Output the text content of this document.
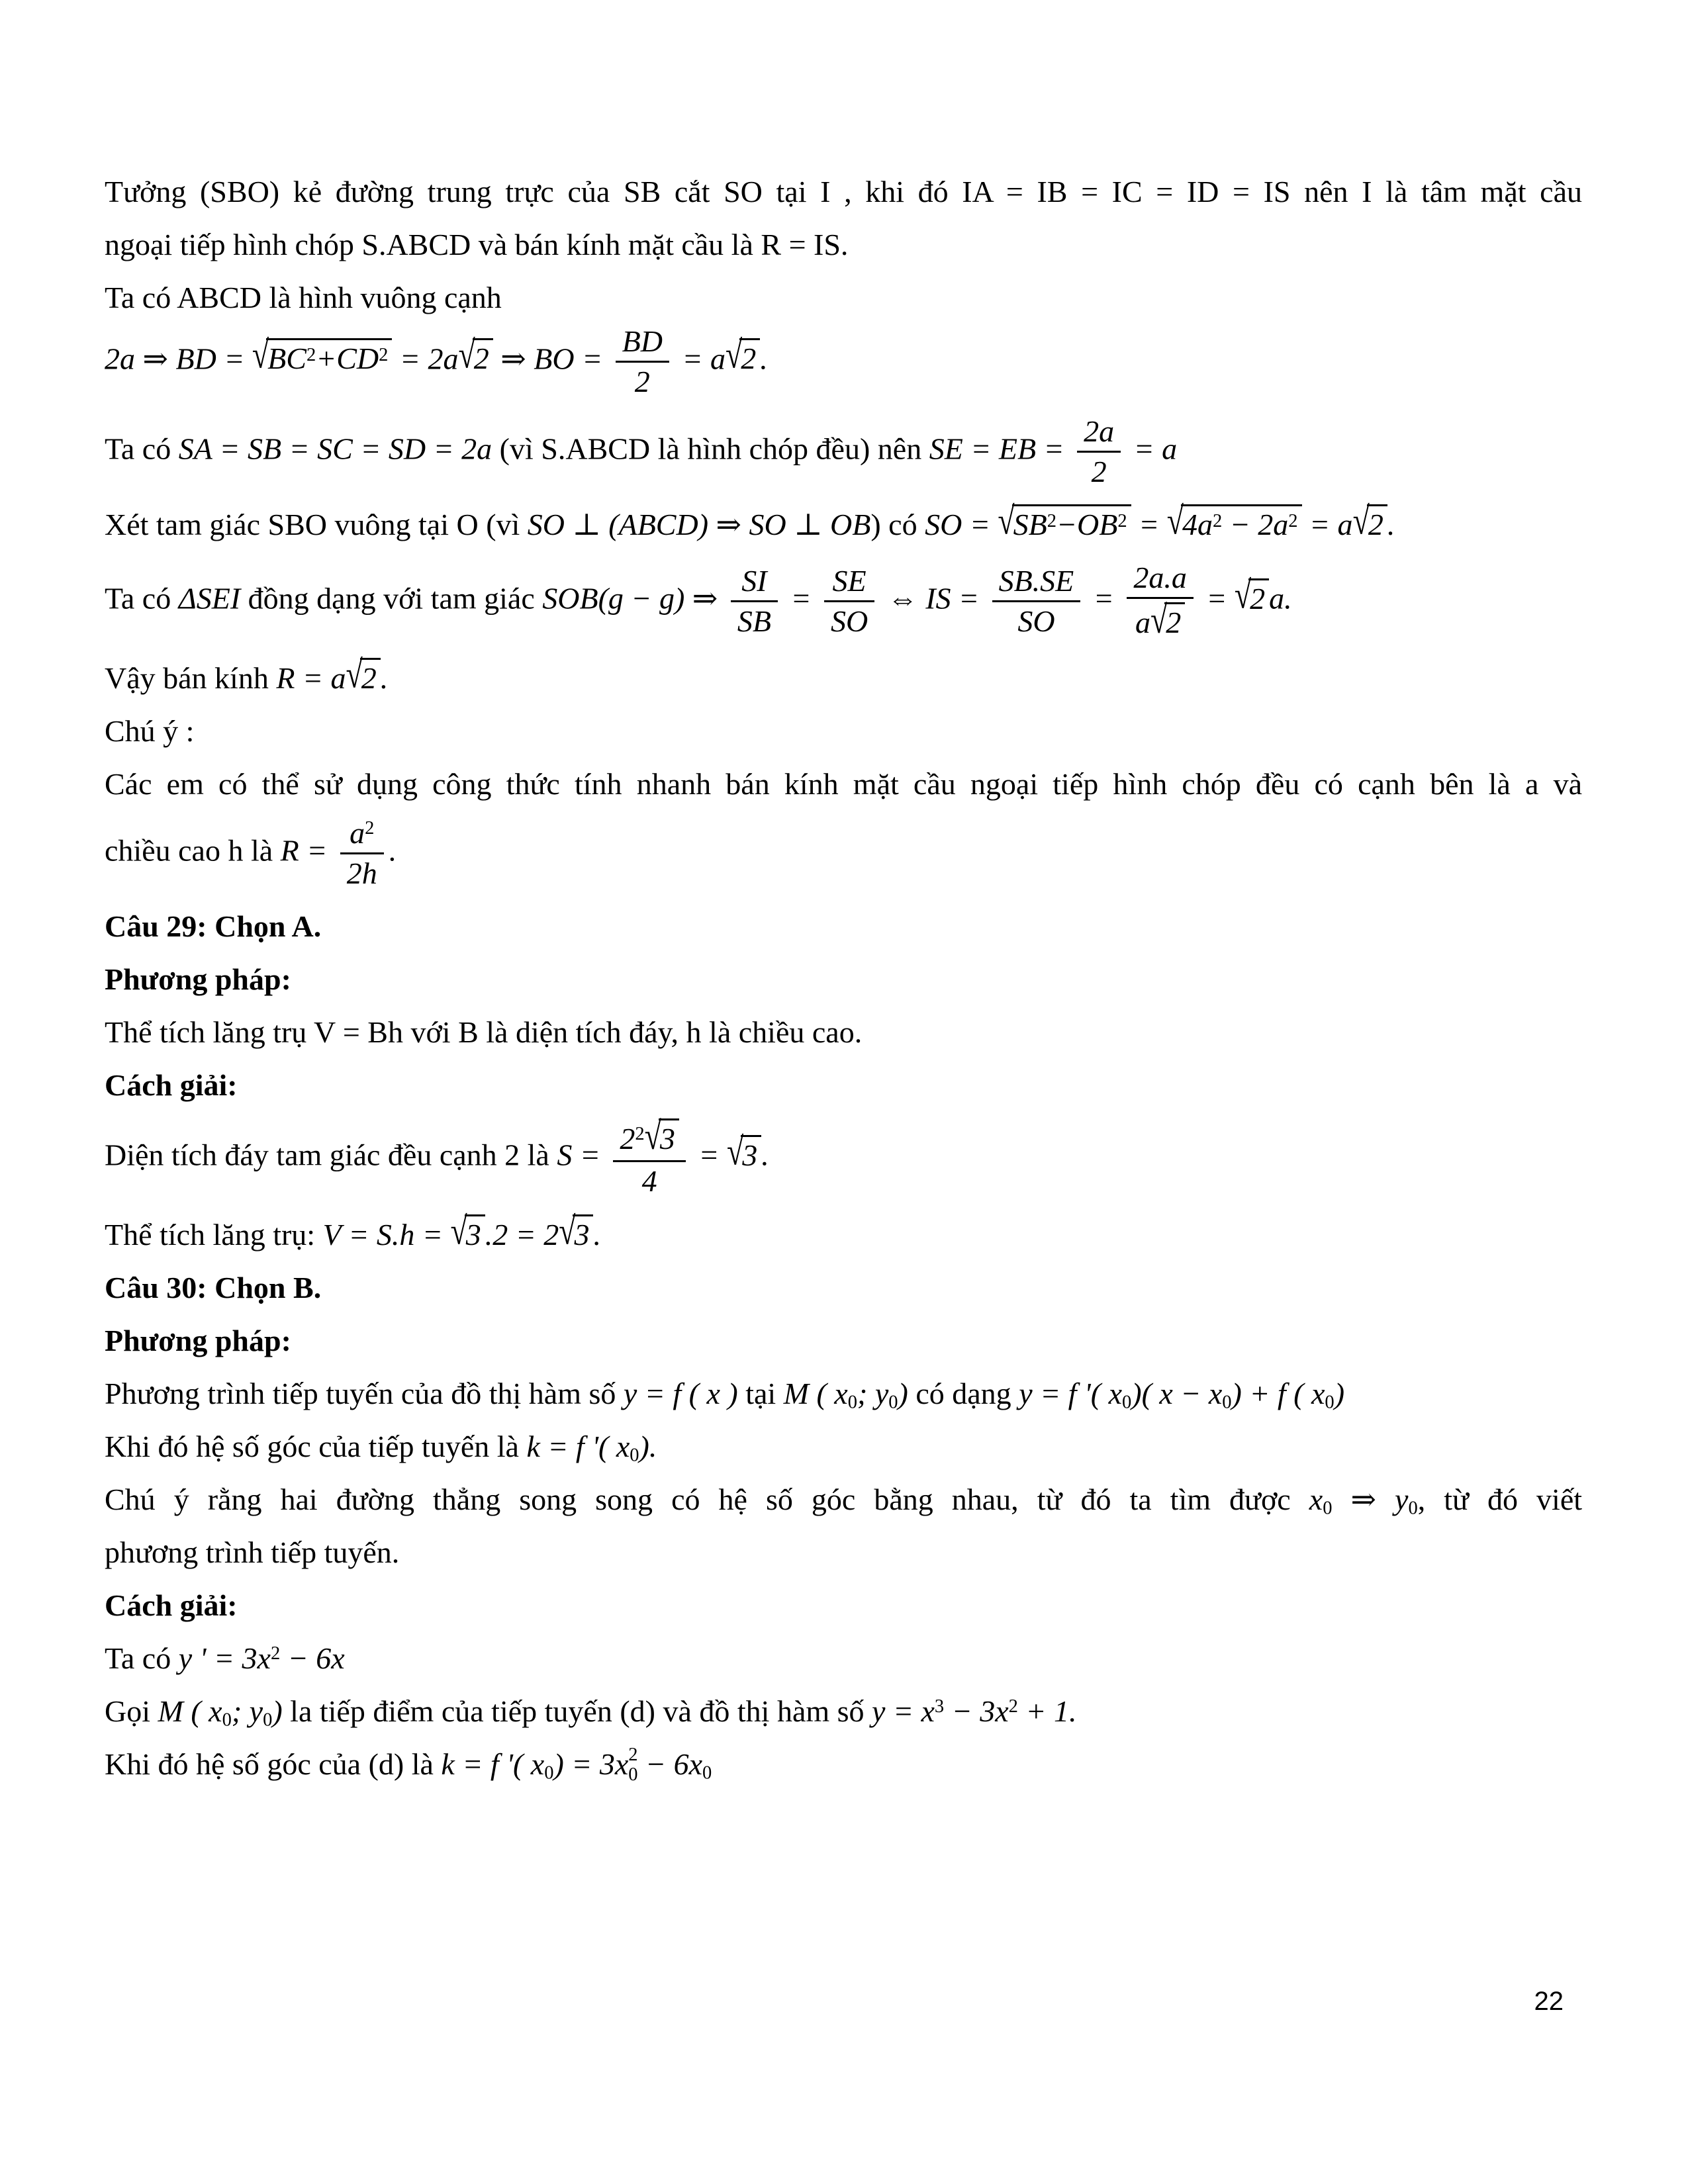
Tưởng (SBO) kẻ đường trung trực của SB cắt SO tại I , khi đó IA = IB = IC = ID = IS nên I là tâm mặt cầu
ngoại tiếp hình chóp S.ABCD và bán kính mặt cầu là R = IS.
Ta có ABCD là hình vuông cạnh
2a ⇒ BD = $√BC^2+CD^2 = 2a√2$ ⇒ BO = $\frac{BD}{2} = a√2$ .
Ta có SA = SB = SC = SD = 2a (vì S.ABCD là hình chóp đều) nên SE = EB = $\frac{2a}{2} = a$
Xét tam giác SBO vuông tại O (vì SO ⊥ (ABCD) ⇒ SO ⊥ OB) có SO = $√SB^2-OB^2 = √4a^2 - 2a^2 = a√2$ .
Ta có ΔSEI đồng dạng với tam giác SOB(g − g) ⇒ $\frac{SI}{SB} = \frac{SE}{SO}$ ⇔ IS = $\frac{SB.SE}{SO} = \frac{2a.a}{a√2} = √2$ a.
Vậy bán kính R = a√2 .
Chú ý :
Các em có thể sử dụng công thức tính nhanh bán kính mặt cầu ngoại tiếp hình chóp đều có cạnh bên là a và
chiều cao h là $R = \frac{a^2}{2h}$ .
Câu 29: Chọn A.
Phương pháp:
Thể tích lăng trụ V = Bh với B là diện tích đáy, h là chiều cao.
Cách giải:
Diện tích đáy tam giác đều cạnh 2 là $S = \frac{2^2√3}{4} = √3$ .
Thể tích lăng trụ: V = S.h = √3 .2 = 2√3 .
Câu 30: Chọn B.
Phương pháp:
Phương trình tiếp tuyến của đồ thị hàm số y = f ( x ) tại M ( $x_0$; $y_0$) có dạng y = f '( $x_0$)( $x - x_0) + f$ ( $x_0$)
Khi đó hệ số góc của tiếp tuyến là k = f '( $x_0$).
Chú ý rằng hai đường thẳng song song có hệ số góc bằng nhau, từ đó ta tìm được $x_0$ ⇒ $y_0$, từ đó viết
phương trình tiếp tuyến.
Cách giải:
Ta có y ' = $3x^2 - 6x$
Gọi M ( $x_0$; $y_0$) la tiếp điểm của tiếp tuyến (d) và đồ thị hàm số $y = x^3 - 3x^2 + 1$.
Khi đó hệ số góc của (d) là k = f '( $x_0) = 3x$ 2
$0 - 6x_0$
22
